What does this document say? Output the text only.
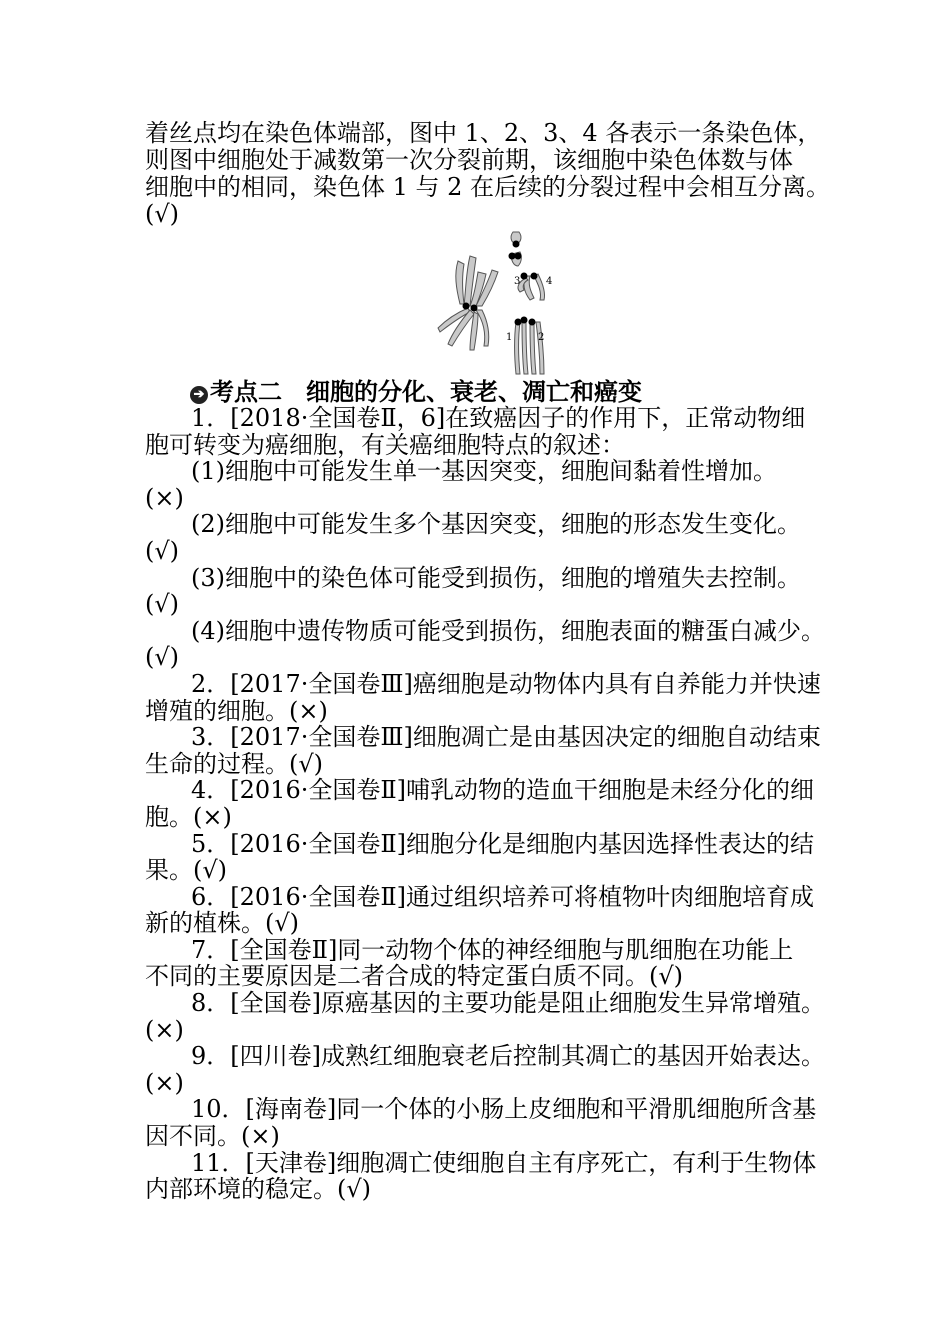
着丝点均在染色体端部，图中 1、2、3、4 各表示一条染色体，
则图中细胞处于减数第一次分裂前期，该细胞中染色体数与体
细胞中的相同，染色体 1 与 2 在后续的分裂过程中会相互分离。
(√)
1	2
3	4
➔ 考点二　细胞的分化、衰老、凋亡和癌变
1．[2018·全国卷Ⅱ，6]在致癌因子的作用下，正常动物细
胞可转变为癌细胞，有关癌细胞特点的叙述：
(1)细胞中可能发生单一基因突变，细胞间黏着性增加。
(×)
(2)细胞中可能发生多个基因突变，细胞的形态发生变化。
(√)
(3)细胞中的染色体可能受到损伤，细胞的增殖失去控制。
(√)
(4)细胞中遗传物质可能受到损伤，细胞表面的糖蛋白减少。
(√)
2．[2017·全国卷Ⅲ]癌细胞是动物体内具有自养能力并快速
增殖的细胞。(×)
3．[2017·全国卷Ⅲ]细胞凋亡是由基因决定的细胞自动结束
生命的过程。(√)
4．[2016·全国卷Ⅱ]哺乳动物的造血干细胞是未经分化的细
胞。(×)
5．[2016·全国卷Ⅱ]细胞分化是细胞内基因选择性表达的结
果。(√)
6．[2016·全国卷Ⅱ]通过组织培养可将植物叶肉细胞培育成
新的植株。(√)
7．[全国卷Ⅱ]同一动物个体的神经细胞与肌细胞在功能上
不同的主要原因是二者合成的特定蛋白质不同。(√)
8．[全国卷]原癌基因的主要功能是阻止细胞发生异常增殖。
(×)
9．[四川卷]成熟红细胞衰老后控制其凋亡的基因开始表达。
(×)
10．[海南卷]同一个体的小肠上皮细胞和平滑肌细胞所含基
因不同。(×)
11．[天津卷]细胞凋亡使细胞自主有序死亡，有利于生物体
内部环境的稳定。(√)
